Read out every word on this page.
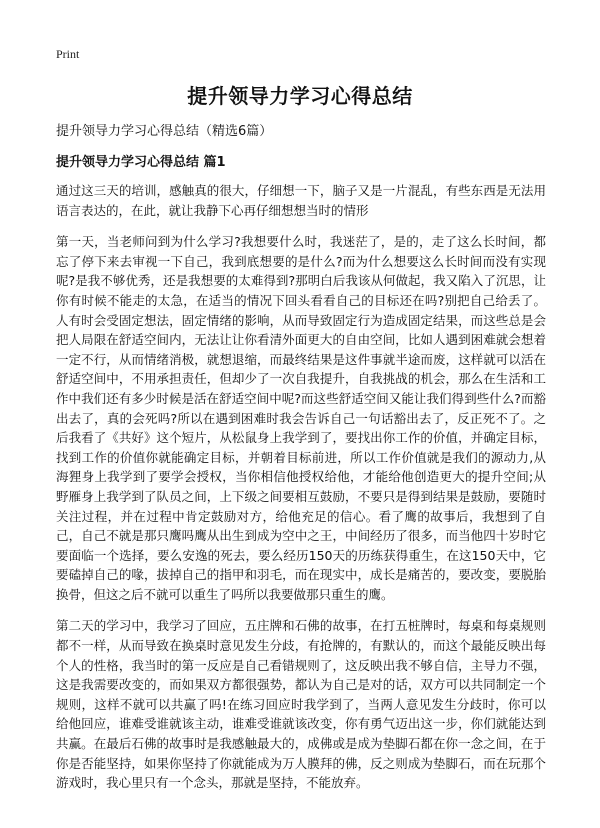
Print
提升领导力学习心得总结

提升领导力学习心得总结（精选6篇）

提升领导力学习心得总结 篇1

通过这三天的培训，感触真的很大，仔细想一下，脑子又是一片混乱，有些东西是无法用语言表达的，在此，就让我静下心再仔细想想当时的情形

第一天，当老师问到为什么学习?我想要什么时，我迷茫了，是的，走了这么长时间，都忘了停下来去审视一下自己，我到底想要的是什么?而为什么想要这么长时间而没有实现呢?是我不够优秀，还是我想要的太难得到?那明白后我该从何做起，我又陷入了沉思，让你有时候不能走的太急，在适当的情况下回头看看自己的目标还在吗?别把自己给丢了。人有时会受固定想法，固定情绪的影响，从而导致固定行为造成固定结果，而这些总是会把人局限在舒适空间内，无法让让你看清外面更大的自由空间，比如人遇到困难就会想着一定不行，从而情绪消极，就想退缩，而最终结果是这件事就半途而废，这样就可以活在舒适空间中，不用承担责任，但却少了一次自我提升，自我挑战的机会，那么在生活和工作中我们还有多少时候是活在舒适空间中呢?而这些舒适空间又能让我们得到些什么?而豁出去了，真的会死吗?所以在遇到困难时我会告诉自己一句话豁出去了，反正死不了。之后我看了《共好》这个短片，从松鼠身上我学到了，要找出你工作的价值，并确定目标，找到工作的价值你就能确定目标，并朝着目标前进，所以工作价值就是我们的源动力,从海狸身上我学到了要学会授权，当你相信他授权给他，才能给他创造更大的提升空间;从野雁身上我学到了队员之间，上下级之间要相互鼓励，不要只是得到结果是鼓励，要随时关注过程，并在过程中肯定鼓励对方，给他充足的信心。看了鹰的故事后，我想到了自己，自己不就是那只鹰吗鹰从出生到成为空中之王，中间经历了很多，而当他四十岁时它要面临一个选择，要么安逸的死去，要么经历150天的历练获得重生，在这150天中，它要磕掉自己的喙，拔掉自己的指甲和羽毛，而在现实中，成长是痛苦的，要改变，要脱胎换骨，但这之后不就可以重生了吗所以我要做那只重生的鹰。

第二天的学习中，我学习了回应，五庄牌和石佛的故事，在打五桩牌时，每桌和每桌规则都不一样，从而导致在换桌时意见发生分歧，有抢牌的，有默认的，而这个最能反映出每个人的性格，我当时的第一反应是自己看错规则了，这反映出我不够自信，主导力不强，这是我需要改变的，而如果双方都很强势，都认为自己是对的话，双方可以共同制定一个规则，这样不就可以共赢了吗!在练习回应时我学到了，当两人意见发生分歧时，你可以给他回应，谁难受谁就该主动，谁难受谁就该改变，你有勇气迈出这一步，你们就能达到共赢。在最后石佛的故事时是我感触最大的，成佛或是成为垫脚石都在你一念之间，在于你是否能坚持，如果你坚持了你就能成为万人膜拜的佛，反之则成为垫脚石，而在玩那个游戏时，我心里只有一个念头，那就是坚持，不能放弃。
